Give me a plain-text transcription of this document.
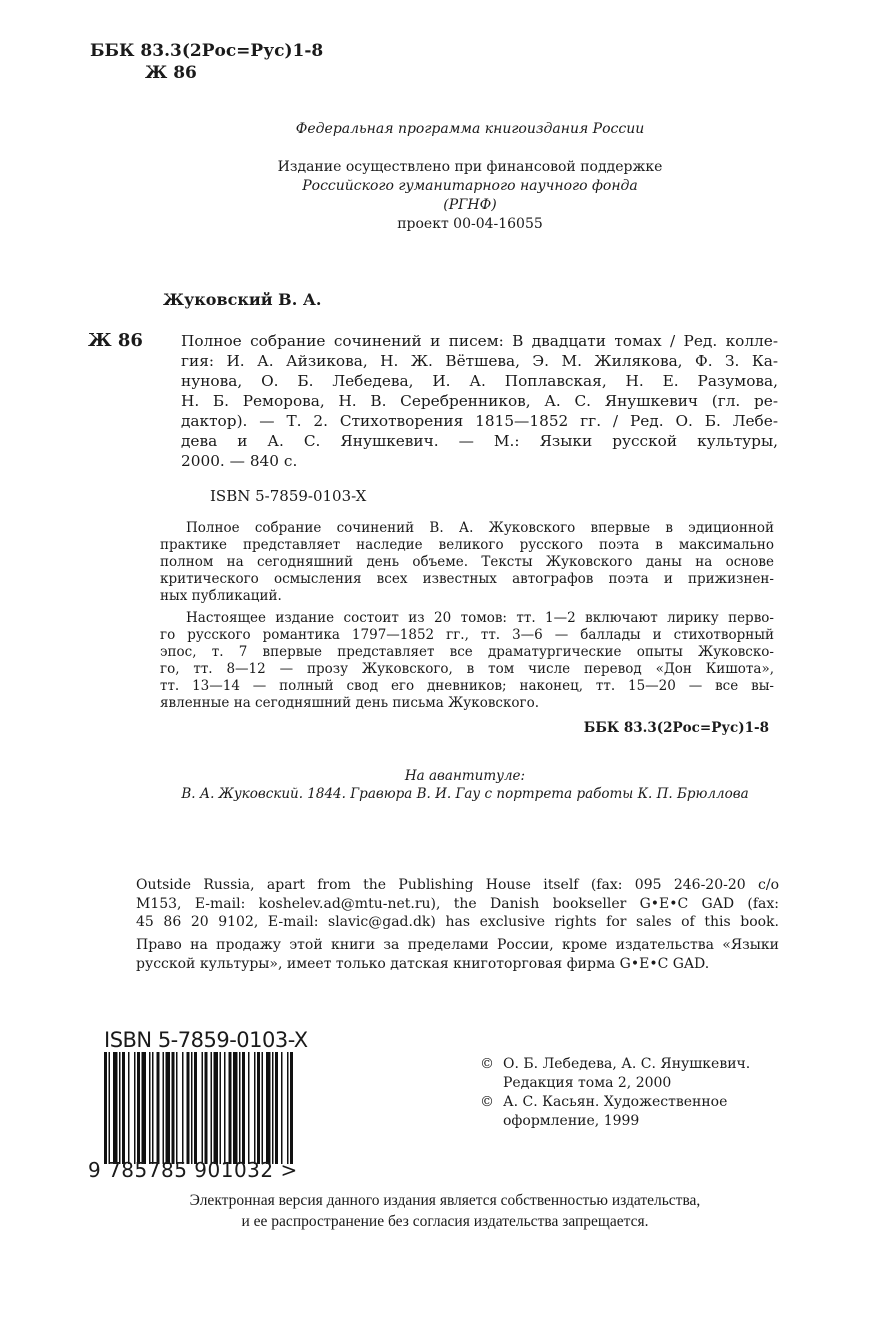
ББК 83.3(2Рос=Рус)1-8
Ж 86
Федеральная программа книгоиздания России
Издание осуществлено при финансовой поддержке
Российского гуманитарного научного фонда
(РГНФ)
проект 00-04-16055
Жуковский В. А.
Ж 86 Полное собрание сочинений и писем: В двадцати томах / Ред. колле-
гия: И. А. Айзикова, Н. Ж. Вётшева, Э. М. Жилякова, Ф. З. Ка-
нунова, О. Б. Лебедева, И. А. Поплавская, Н. Е. Разумова,
Н. Б. Реморова, Н. В. Серебренников, А. С. Янушкевич (гл. ре-
дактор). — Т. 2. Стихотворения 1815—1852 гг. / Ред. О. Б. Лебе-
дева и А. С. Янушкевич. — М.: Языки русской культуры,
2000. — 840 с.
ISBN 5-7859-0103-X
Полное собрание сочинений В. А. Жуковского впервые в эдиционной
практике представляет наследие великого русского поэта в максимально
полном на сегодняшний день объеме. Тексты Жуковского даны на основе
критического осмысления всех известных автографов поэта и прижизнен-
ных публикаций.
Настоящее издание состоит из 20 томов: тт. 1—2 включают лирику перво-
го русского романтика 1797—1852 гг., тт. 3—6 — баллады и стихотворный
эпос, т. 7 впервые представляет все драматургические опыты Жуковско-
го, тт. 8—12 — прозу Жуковского, в том числе перевод «Дон Кишота»,
тт. 13—14 — полный свод его дневников; наконец, тт. 15—20 — все вы-
явленные на сегодняшний день письма Жуковского.
ББК 83.3(2Рос=Рус)1-8
На авантитуле:
В. А. Жуковский. 1844. Гравюра В. И. Гау с портрета работы К. П. Брюллова
Outside Russia, apart from the Publishing House itself (fax: 095 246-20-20 c/o
M153, E-mail: koshelev.ad@mtu-net.ru), the Danish bookseller G•E•C GAD (fax:
45 86 20 9102, E-mail: slavic@gad.dk) has exclusive rights for sales of this book.
Право на продажу этой книги за пределами России, кроме издательства «Языки
русской культуры», имеет только датская книготорговая фирма G•E•C GAD.
ISBN 5-7859-0103-X
9 785785 901032 >
© О. Б. Лебедева, А. С. Янушкевич.
Редакция тома 2, 2000
© А. С. Касьян. Художественное
оформление, 1999
Электронная версия данного издания является собственностью издательства,
и ее распространение без согласия издательства запрещается.
